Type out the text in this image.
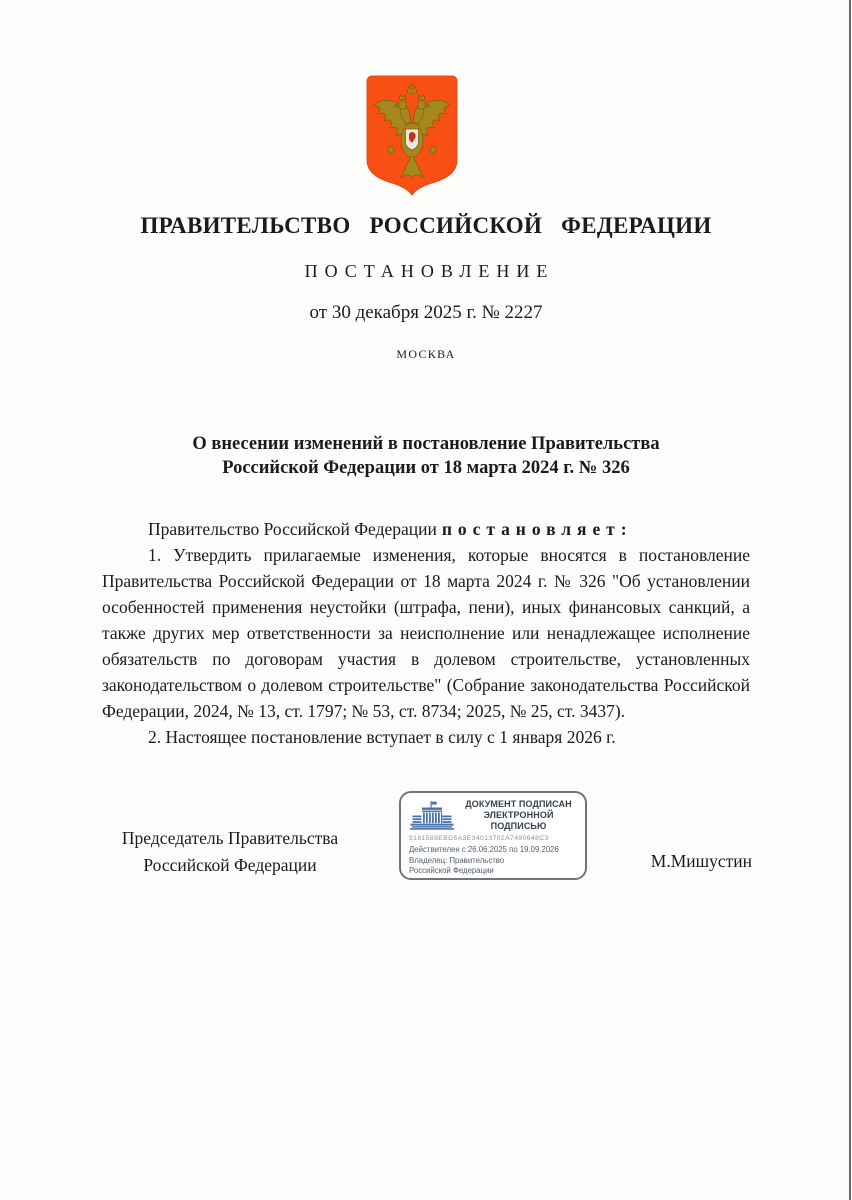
ПРАВИТЕЛЬСТВО РОССИЙСКОЙ ФЕДЕРАЦИИ
ПОСТАНОВЛЕНИЕ
от 30 декабря 2025 г. № 2227
МОСКВА
О внесении изменений в постановление Правительства
Российской Федерации от 18 марта 2024 г. № 326

Правительство Российской Федерации постановляет:

1. Утвердить прилагаемые изменения, которые вносятся в постановление Правительства Российской Федерации от 18 марта 2024 г. № 326 "Об установлении особенностей применения неустойки (штрафа, пени), иных финансовых санкций, а также других мер ответственности за неисполнение или ненадлежащее исполнение обязательств по договорам участия в долевом строительстве, установленных законодательством о долевом строительстве" (Собрание законодательства Российской Федерации, 2024, № 13, ст. 1797; № 53, ст. 8734; 2025, № 25, ст. 3437).

2. Настоящее постановление вступает в силу с 1 января 2026 г.

ДОКУМЕНТ ПОДПИСАН
ЭЛЕКТРОННОЙ ПОДПИСЬЮ
5181588EBD5A3E34013702A7490648C3
Действителен с 26.06.2025 по 19.09.2026
Владелец: Правительство Российской Федерации
Председатель Правительства
Российской Федерации	М.Мишустин
